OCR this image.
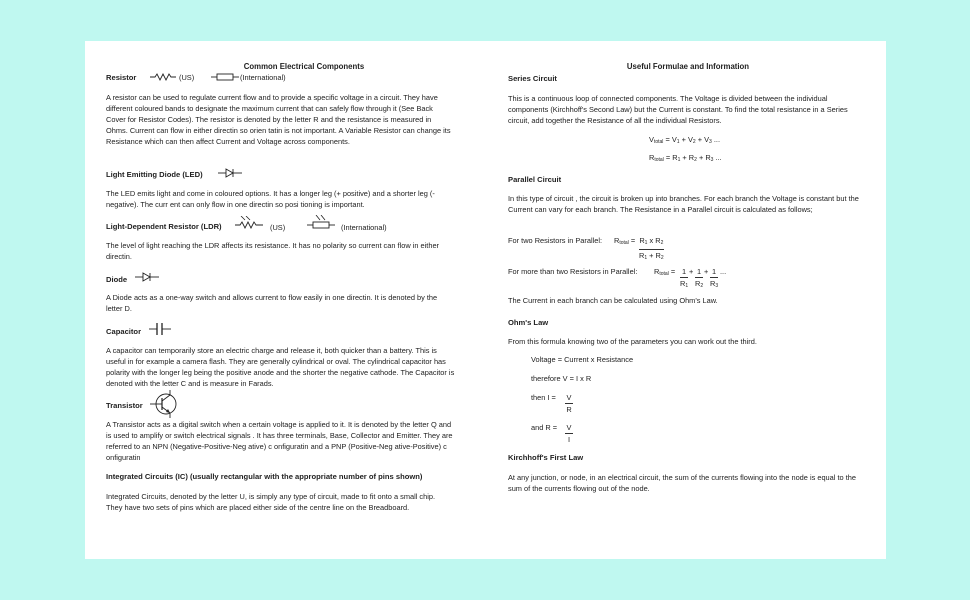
Common Electrical Components
Resistor	(US)	(International)

A resistor can be used to regulate current flow and to provide a specific voltage in a circuit. They have different coloured bands to designate the maximum current that can safely flow through it (See Back Cover for Resistor Codes). The resistor is denoted by the letter R and the resistance is measured in Ohms. Current can flow in either directin so orien tatin is not important. A Variable Resistor can change its Resistance which can then affect Current and Voltage across components.

Light Emitting Diode (LED)

The LED emits light and come in coloured options. It has a longer leg (+ positive) and a shorter leg (- negative). The curr ent can only flow in one directin so posi tioning is important.

Light-Dependent Resistor (LDR)	(US)	(International)

The level of light reaching the LDR affects its resistance. It has no polarity so current can flow in either directin.

Diode

A Diode acts as a one-way switch and allows current to flow easily in one directin. It is denoted by the letter D.

Capacitor

A capacitor can temporarily store an electric charge and release it, both quicker than a battery. This is useful in for example a camera flash. They are generally cylindrical or oval. The cylindrical capacitor has polarity with the longer leg being the positive anode and the shorter the negative cathode. The Capacitor is denoted with the letter C and is measure in Farads.

Transistor

A Transistor acts as a digital switch when a certain voltage is applied to it. It is denoted by the letter Q and is used to amplify or switch electrical signals . It has three terminals, Base, Collector and Emitter. They are referred to an NPN (Negative-Positive-Neg ative) c onfiguratin and a PNP (Positive-Neg ative-Positive) c onfiguratin

Integrated Circuits (IC) (usually rectangular with the appropriate number of pins shown)

Integrated Circuits, denoted by the letter U, is simply any type of circuit, made to fit onto a small chip. They have two sets of pins which are placed either side of the centre line on the Breadboard.

Useful Formulae and Information
Series Circuit

This is a continuous loop of connected components. The Voltage is divided between the individual components (Kirchhoff's Second Law) but the Current is constant. To find the total resistance in a Series circuit, add together the Resistance of all the individual Resistors.

$V_{total} = V_1 + V_2 + V_3$ ...
$R_{total} = R_1 + R_2 + R_3$ ...
Parallel Circuit

In this type of circuit , the circuit is broken up into branches. For each branch the Voltage is constant but the Current can vary for each branch. The Resistance in a Parallel circuit is calculated as follows;

For two Resistors in Parallel: $R_{total} = \frac{R_1 x R_2}{R_1 + R_2}$
For more than two Resistors in Parallel: $R_{total} = \frac{1}{R_1} + \frac{1}{R_2} + \frac{1}{R_3}$ ...

The Current in each branch can be calculated using Ohm's Law.

Ohm's Law

From this formula knowing two of the parameters you can work out the third.

Voltage = Current x Resistance
therefore V = I x R
then $I = \frac{V}{R}$
and $R = \frac{V}{I}$
Kirchhoff's First Law

At any junction, or node, in an electrical circuit, the sum of the currents flowing into the node is equal to the sum of the currents flowing out of the node.
